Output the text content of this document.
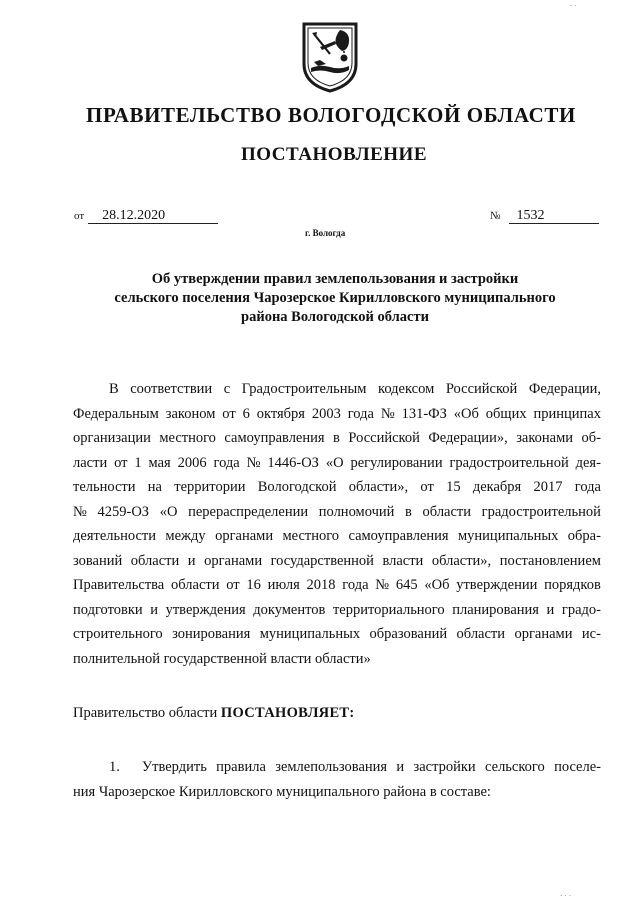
ПРАВИТЕЛЬСТВО ВОЛОГОДСКОЙ ОБЛАСТИ
ПОСТАНОВЛЕНИЕ
от 28.12.2020	№ 1532
г. Вологда
Об утверждении правил землепользования и застройки
сельского поселения Чарозерское Кирилловского муниципального
района Вологодской области
В соответствии с Градостроительным кодексом Российской Федерации,
Федеральным законом от 6 октября 2003 года № 131-ФЗ «Об общих принципах
организации местного самоуправления в Российской Федерации», законами об-
ласти от 1 мая 2006 года № 1446-ОЗ «О регулировании градостроительной дея-
тельности на территории Вологодской области», от 15 декабря 2017 года
№ 4259-ОЗ «О перераспределении полномочий в области градостроительной
деятельности между органами местного самоуправления муниципальных обра-
зований области и органами государственной власти области», постановлением
Правительства области от 16 июля 2018 года № 645 «Об утверждении порядков
подготовки и утверждения документов территориального планирования и градо-
строительного зонирования муниципальных образований области органами ис-
полнительной государственной власти области»
Правительство области ПОСТАНОВЛЯЕТ:
1. Утвердить правила землепользования и застройки сельского поселе-
ния Чарозерское Кирилловского муниципального района в составе:
· ·
· · ·
